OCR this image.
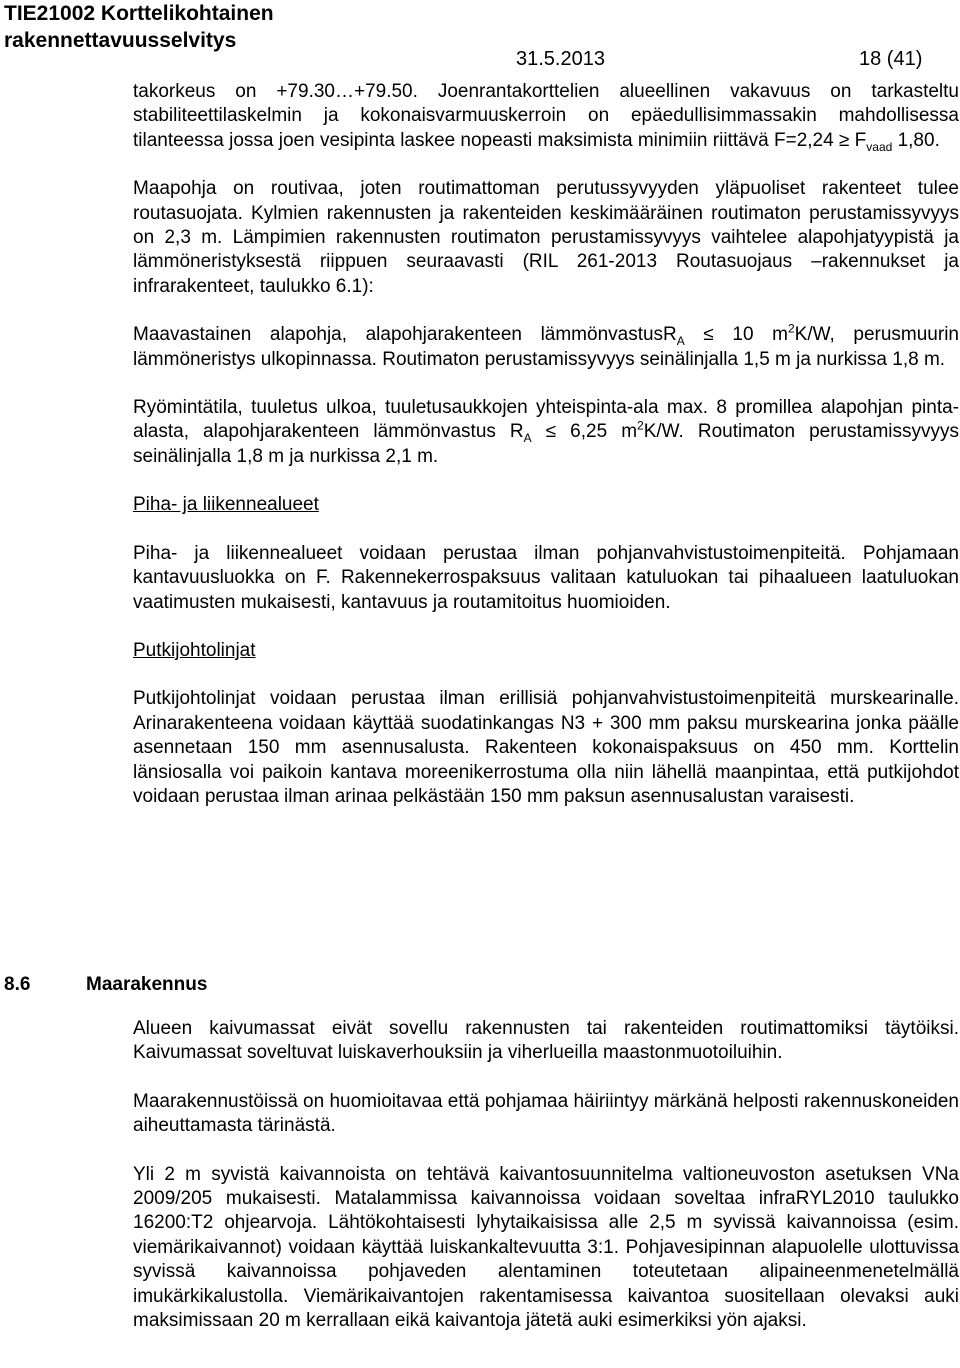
TIE21002 Korttelikohtainen
rakennettavuusselvitys

31.5.2013	18 (41)

takorkeus on +79.30…+79.50. Joenrantakorttelien alueellinen vakavuus on tarkasteltu stabiliteettilaskelmin ja kokonaisvarmuuskerroin on epäedullisimmassakin mahdollisessa tilanteessa jossa joen vesipinta laskee nopeasti maksimista minimiin riittävä $F=2,24 \ge F_{vaad}$ 1,80.

Maapohja on routivaa, joten routimattoman perutussyvyyden yläpuoliset rakenteet tulee routasuojata. Kylmien rakennusten ja rakenteiden keskimääräinen routimaton perustamissyvyys on 2,3 m. Lämpimien rakennusten routimaton perustamissyvyys vaihtelee alapohjatyypistä ja lämmöneristyksestä riippuen seuraavasti (RIL 261-2013 Routasuojaus –rakennukset ja infrarakenteet, taulukko 6.1):

Maavastainen alapohja, alapohjarakenteen lämmönvastusR$_A$ ≤ 10 $m^2K/W$, perusmuurin lämmöneristys ulkopinnassa. Routimaton perustamissyvyys seinälinjalla 1,5 m ja nurkissa 1,8 m.

Ryömintätila, tuuletus ulkoa, tuuletusaukkojen yhteispinta-ala max. 8 promillea alapohjan pinta-alasta, alapohjarakenteen lämmönvastus $R_A \le 6,25$ $m^2K/W$. Routimaton perustamissyvyys seinälinjalla 1,8 m ja nurkissa 2,1 m.

Piha- ja liikennealueet

Piha- ja liikennealueet voidaan perustaa ilman pohjanvahvistustoimenpiteitä. Pohjamaan kantavuusluokka on F. Rakennekerrospaksuus valitaan katuluokan tai pihaalueen laatuluokan vaatimusten mukaisesti, kantavuus ja routamitoitus huomioiden.

Putkijohtolinjat

Putkijohtolinjat voidaan perustaa ilman erillisiä pohjanvahvistustoimenpiteitä murskearinalle. Arinarakenteena voidaan käyttää suodatinkangas N3 + 300 mm paksu murskearina jonka päälle asennetaan 150 mm asennusalusta. Rakenteen kokonaispaksuus on 450 mm. Korttelin länsiosalla voi paikoin kantava moreenikerrostuma olla niin lähellä maanpintaa, että putkijohdot voidaan perustaa ilman arinaa pelkästään 150 mm paksun asennusalustan varaisesti.

8.6	Maarakennus

Alueen kaivumassat eivät sovellu rakennusten tai rakenteiden routimattomiksi täytöiksi. Kaivumassat soveltuvat luiskaverhouksiin ja viherlueilla maastonmuotoiluihin.

Maarakennustöissä on huomioitavaa että pohjamaa häiriintyy märkänä helposti rakennuskoneiden aiheuttamasta tärinästä.

Yli 2 m syvistä kaivannoista on tehtävä kaivantosuunnitelma valtioneuvoston asetuksen VNa 2009/205 mukaisesti. Matalammissa kaivannoissa voidaan soveltaa infraRYL2010 taulukko 16200:T2 ohjearvoja. Lähtökohtaisesti lyhytaikaisissa alle 2,5 m syvissä kaivannoissa (esim. viemärikaivannot) voidaan käyttää luiskankaltevuutta 3:1. Pohjavesipinnan alapuolelle ulottuvissa syvissä kaivannoissa pohjaveden alentaminen toteutetaan alipaineenmenetelmällä imukärkikalustolla. Viemärikaivantojen rakentamisessa kaivantoa suositellaan olevaksi auki maksimissaan 20 m kerrallaan eikä kaivantoja jätetä auki esimerkiksi yön ajaksi.
